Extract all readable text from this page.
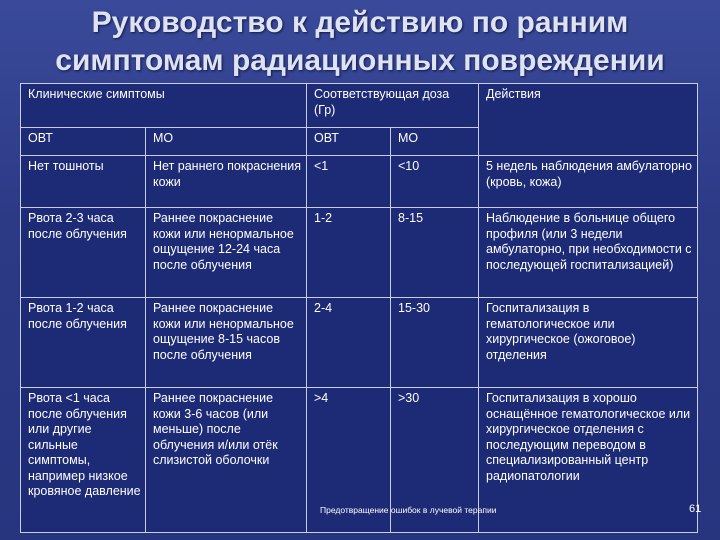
Руководство к действию по ранним
симптомам радиационных повреждении
Клинические симптомы		Соответствующая доза (Гр)		Действия
ОВТ	МО	ОВТ	МО	
Нет тошноты	Нет раннего покраснения кожи	<1	<10	5 недель наблюдения амбулаторно (кровь, кожа)
Рвота 2-3 часа после облучения	Раннее покраснение кожи или ненормальное ощущение 12-24 часа после облучения	1-2	8-15	Наблюдение в больнице общего профиля (или 3 недели амбулаторно, при необходимости с последующей госпитализацией)
Рвота 1-2 часа после облучения	Раннее покраснение кожи или ненормальное ощущение 8-15 часов после облучения	2-4	15-30	Госпитализация в гематологическое или хирургическое (ожоговое) отделения
Рвота <1 часа после облучения или другие сильные симптомы, например низкое кровяное давление	Раннее покраснение кожи 3-6 часов (или меньше) после облучения и/или отёк слизистой оболочки	>4	>30	Госпитализация в хорошо оснащённое гематологическое или хирургическое отделения с последующим переводом в специализированный центр радиопатологии
Предотвращение ошибок в лучевой терапии	61
